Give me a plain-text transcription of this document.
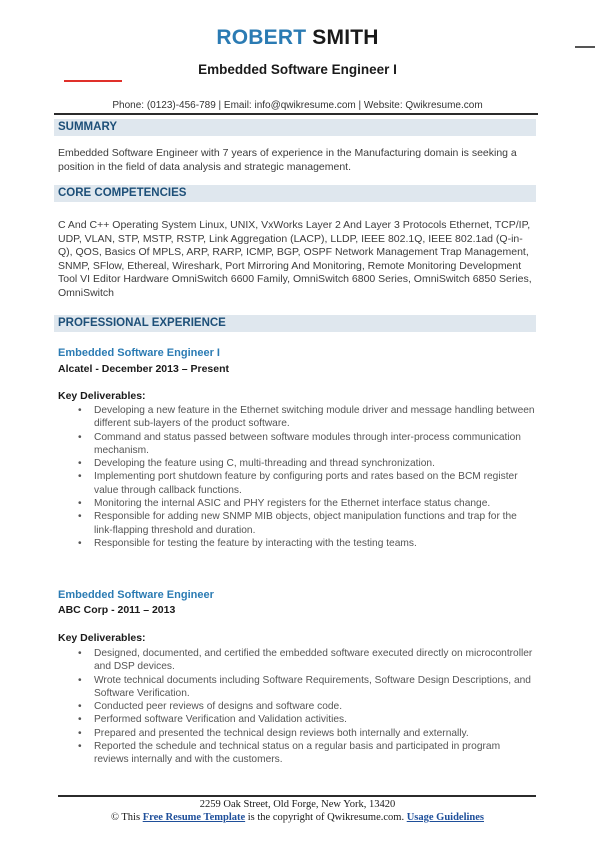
ROBERT SMITH
Embedded Software Engineer I
Phone: (0123)-456-789 | Email: info@qwikresume.com | Website: Qwikresume.com
SUMMARY
Embedded Software Engineer with 7 years of experience in the Manufacturing domain is seeking a position in the field of data analysis and strategic management.
CORE COMPETENCIES
C And C++ Operating System Linux, UNIX, VxWorks Layer 2 And Layer 3 Protocols Ethernet, TCP/IP, UDP, VLAN, STP, MSTP, RSTP, Link Aggregation (LACP), LLDP, IEEE 802.1Q, IEEE 802.1ad (Q-in-Q), QOS, Basics Of MPLS, ARP, RARP, ICMP, BGP, OSPF Network Management Trap Management, SNMP, SFlow, Ethereal, Wireshark, Port Mirroring And Monitoring, Remote Monitoring Development Tool VI Editor Hardware OmniSwitch 6600 Family, OmniSwitch 6800 Series, OmniSwitch 6850 Series, OmniSwitch
PROFESSIONAL EXPERIENCE
Embedded Software Engineer I
Alcatel - December 2013 – Present
Key Deliverables:
• Developing a new feature in the Ethernet switching module driver and message handling between different sub-layers of the product software.
• Command and status passed between software modules through inter-process communication mechanism.
• Developing the feature using C, multi-threading and thread synchronization.
• Implementing port shutdown feature by configuring ports and rates based on the BCM register value through callback functions.
• Monitoring the internal ASIC and PHY registers for the Ethernet interface status change.
• Responsible for adding new SNMP MIB objects, object manipulation functions and trap for the link-flapping threshold and duration.
• Responsible for testing the feature by interacting with the testing teams.
Embedded Software Engineer
ABC Corp - 2011 – 2013
Key Deliverables:
• Designed, documented, and certified the embedded software executed directly on microcontroller and DSP devices.
• Wrote technical documents including Software Requirements, Software Design Descriptions, and Software Verification.
• Conducted peer reviews of designs and software code.
• Performed software Verification and Validation activities.
• Prepared and presented the technical design reviews both internally and externally.
• Reported the schedule and technical status on a regular basis and participated in program reviews internally and with the customers.
2259 Oak Street, Old Forge, New York, 13420
© This Free Resume Template is the copyright of Qwikresume.com. Usage Guidelines
